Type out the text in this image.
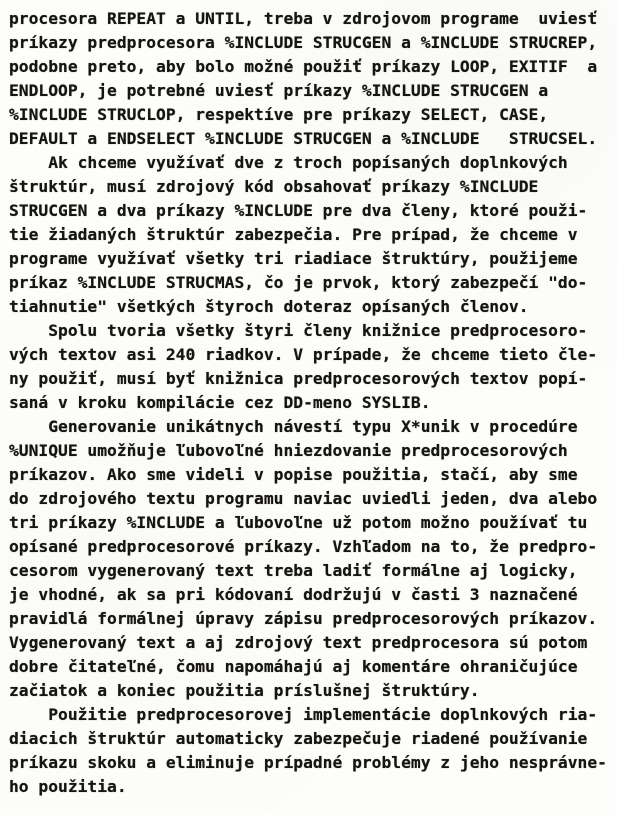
procesora REPEAT a UNTIL, treba v zdrojovom programe  uviesť
príkazy predprocesora %INCLUDE STRUCGEN a %INCLUDE STRUCREP,
podobne preto, aby bolo možné použiť príkazy LOOP, EXITIF  a
ENDLOOP, je potrebné uviesť príkazy %INCLUDE STRUCGEN a
%INCLUDE STRUCLOP, respektíve pre príkazy SELECT, CASE,
DEFAULT a ENDSELECT %INCLUDE STRUCGEN a %INCLUDE   STRUCSEL.
Ak chceme využívať dve z troch popísaných doplnkových
štruktúr, musí zdrojový kód obsahovať príkazy %INCLUDE
STRUCGEN a dva príkazy %INCLUDE pre dva členy, ktoré použi-
tie žiadaných štruktúr zabezpečia. Pre prípad, že chceme v
programe využívať všetky tri riadiace štruktúry, použijeme
príkaz %INCLUDE STRUCMAS, čo je prvok, ktorý zabezpečí "do-
tiahnutie" všetkých štyroch doteraz opísaných členov.
Spolu tvoria všetky štyri členy knižnice predprocesoro-
vých textov asi 240 riadkov. V prípade, že chceme tieto čle-
ny použiť, musí byť knižnica predprocesorových textov popí-
saná v kroku kompilácie cez DD-meno SYSLIB.
Generovanie unikátnych návestí typu X*unik v procedúre
%UNIQUE umožňuje ľubovoľné hniezdovanie predprocesorových
príkazov. Ako sme videli v popise použitia, stačí, aby sme
do zdrojového textu programu naviac uviedli jeden, dva alebo
tri príkazy %INCLUDE a ľubovoľne už potom možno používať tu
opísané predprocesorové príkazy. Vzhľadom na to, že predpro-
cesorom vygenerovaný text treba ladiť formálne aj logicky,
je vhodné, ak sa pri kódovaní dodržujú v časti 3 naznačené
pravidlá formálnej úpravy zápisu predprocesorových príkazov.
Vygenerovaný text a aj zdrojový text predprocesora sú potom
dobre čitateľné, čomu napomáhajú aj komentáre ohraničujúce
začiatok a koniec použitia príslušnej štruktúry.
Použitie predprocesorovej implementácie doplnkových ria-
diacich štruktúr automaticky zabezpečuje riadené používanie
príkazu skoku a eliminuje prípadné problémy z jeho nesprávne-
ho použitia.
